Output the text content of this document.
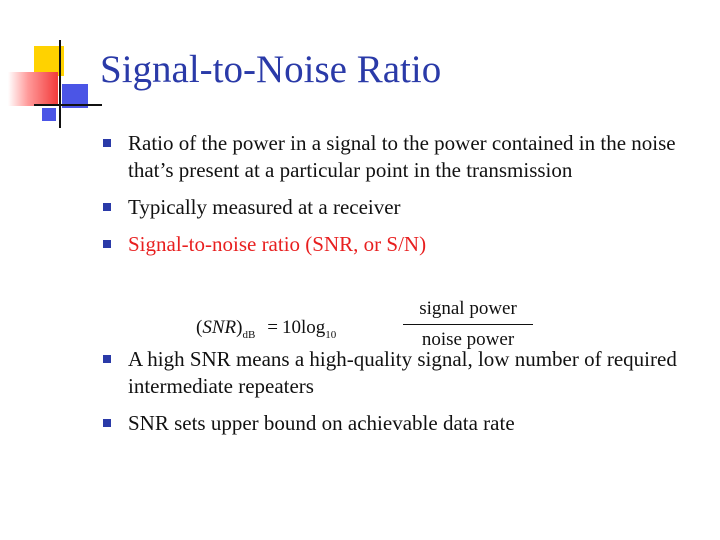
Signal-to-Noise Ratio
Ratio of the power in a signal to the power contained in the noise that’s present at a particular point in the transmission
Typically measured at a receiver
Signal-to-noise ratio (SNR, or S/N)
A high SNR means a high-quality signal, low number of required intermediate repeaters
SNR sets upper bound on achievable data rate
$(SNR)_{dB} = 10\log_{10}$
signal power
noise power
